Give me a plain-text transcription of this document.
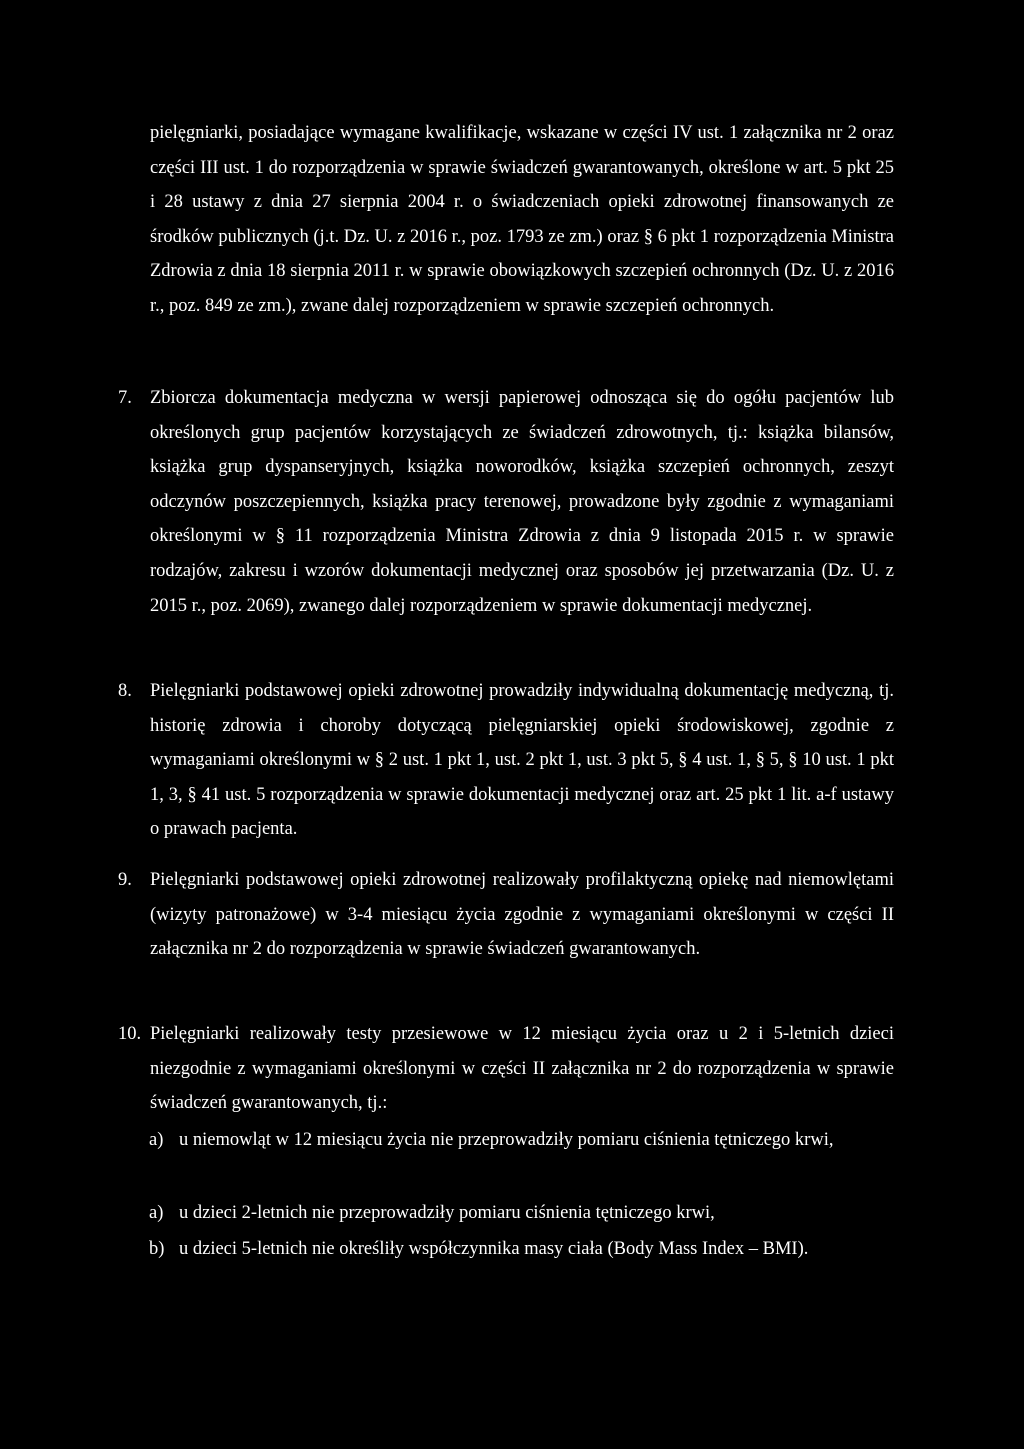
pielęgniarki, posiadające wymagane kwalifikacje, wskazane w części IV ust. 1 załącznika nr 2 oraz części III ust. 1 do rozporządzenia w sprawie świadczeń gwarantowanych, określone w art. 5 pkt 25 i 28 ustawy z dnia 27 sierpnia 2004 r. o świadczeniach opieki zdrowotnej finansowanych ze środków publicznych (j.t. Dz. U. z 2016 r., poz. 1793 ze zm.) oraz § 6 pkt 1 rozporządzenia Ministra Zdrowia z dnia 18 sierpnia 2011 r. w sprawie obowiązkowych szczepień ochronnych (Dz. U. z 2016 r., poz. 849 ze zm.), zwane dalej rozporządzeniem w sprawie szczepień ochronnych.

7. Zbiorcza dokumentacja medyczna w wersji papierowej odnosząca się do ogółu pacjentów lub określonych grup pacjentów korzystających ze świadczeń zdrowotnych, tj.: książka bilansów, książka grup dyspanseryjnych, książka noworodków, książka szczepień ochronnych, zeszyt odczynów poszczepiennych, książka pracy terenowej, prowadzone były zgodnie z wymaganiami określonymi w § 11 rozporządzenia Ministra Zdrowia z dnia 9 listopada 2015 r. w sprawie rodzajów, zakresu i wzorów dokumentacji medycznej oraz sposobów jej przetwarzania (Dz. U. z 2015 r., poz. 2069), zwanego dalej rozporządzeniem w sprawie dokumentacji medycznej.
8. Pielęgniarki podstawowej opieki zdrowotnej prowadziły indywidualną dokumentację medyczną, tj. historię zdrowia i choroby dotyczącą pielęgniarskiej opieki środowiskowej, zgodnie z wymaganiami określonymi w § 2 ust. 1 pkt 1, ust. 2 pkt 1, ust. 3 pkt 5, § 4 ust. 1, § 5, § 10 ust. 1 pkt 1, 3, § 41 ust. 5 rozporządzenia w sprawie dokumentacji medycznej oraz art. 25 pkt 1 lit. a-f ustawy o prawach pacjenta.
9. Pielęgniarki podstawowej opieki zdrowotnej realizowały profilaktyczną opiekę nad niemowlętami (wizyty patronażowe) w 3-4 miesiącu życia zgodnie z wymaganiami określonymi w części II załącznika nr 2 do rozporządzenia w sprawie świadczeń gwarantowanych.
10. Pielęgniarki realizowały testy przesiewowe w 12 miesiącu życia oraz u 2 i 5-letnich dzieci niezgodnie z wymaganiami określonymi w części II załącznika nr 2 do rozporządzenia w sprawie świadczeń gwarantowanych, tj.:
a) u niemowląt w 12 miesiącu życia nie przeprowadziły pomiaru ciśnienia tętniczego krwi,
a) u dzieci 2-letnich nie przeprowadziły pomiaru ciśnienia tętniczego krwi,
b) u dzieci 5-letnich nie określiły współczynnika masy ciała (Body Mass Index – BMI).
